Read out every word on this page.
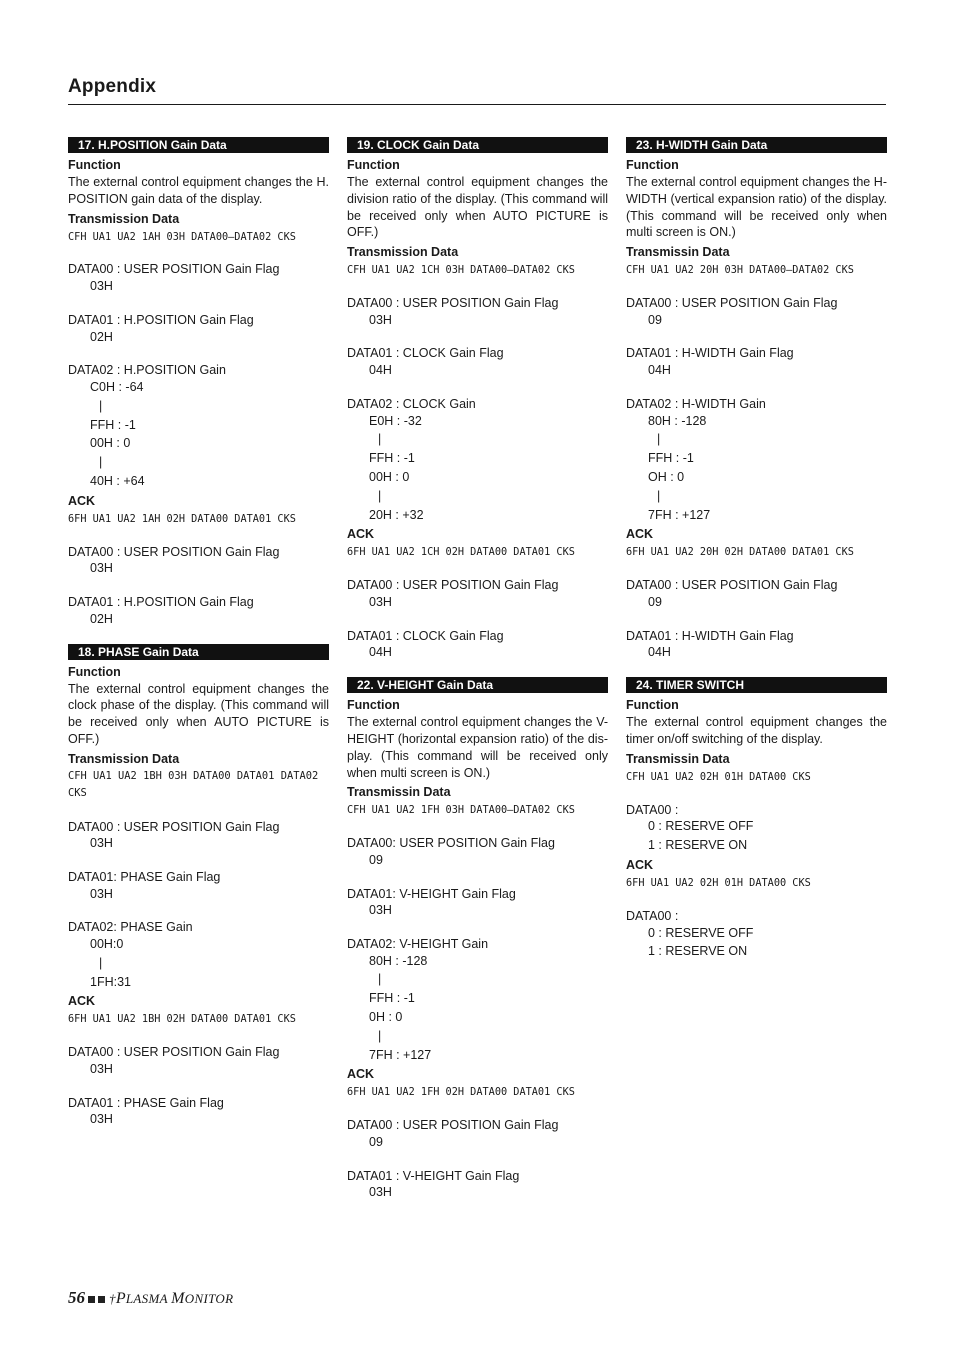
Appendix
17. H.POSITION Gain Data
Function
The external control equipment changes the H. POSITION gain data of the display.
Transmission Data
CFH UA1 UA2 1AH 03H DATA00–DATA02 CKS
DATA00 : USER POSITION Gain Flag
03H
DATA01 : H.POSITION Gain Flag
02H
DATA02 : H.POSITION Gain
C0H : -64
|
FFH : -1
00H : 0
|
40H : +64
ACK
6FH UA1 UA2 1AH 02H DATA00 DATA01 CKS
DATA00 : USER POSITION Gain Flag
03H
DATA01 : H.POSITION Gain Flag
02H
18. PHASE Gain Data
Function
The external control equipment changes the clock phase of the display. (This command will be received only when AUTO PICTURE is OFF.)
Transmission Data
CFH UA1 UA2 1BH 03H DATA00 DATA01 DATA02 CKS
DATA00 : USER POSITION Gain Flag
03H
DATA01: PHASE Gain Flag
03H
DATA02: PHASE Gain
00H:0
|
1FH:31
ACK
6FH UA1 UA2 1BH 02H DATA00 DATA01 CKS
DATA00 : USER POSITION Gain Flag
03H
DATA01 : PHASE Gain Flag
03H
19. CLOCK Gain Data
Function
The external control equipment changes the division ratio of the display. (This command will be received only when AUTO PICTURE is OFF.)
Transmission Data
CFH UA1 UA2 1CH 03H DATA00–DATA02 CKS
DATA00 : USER POSITION Gain Flag
03H
DATA01 : CLOCK Gain Flag
04H
DATA02 : CLOCK Gain
E0H : -32
|
FFH : -1
00H : 0
|
20H : +32
ACK
6FH UA1 UA2 1CH 02H DATA00 DATA01 CKS
DATA00 : USER POSITION Gain Flag
03H
DATA01 : CLOCK Gain Flag
04H
22. V-HEIGHT Gain Data
Function
The external control equipment changes the V-HEIGHT (horizontal expansion ratio) of the dis-play. (This command will be received only when multi screen is ON.)
Transmissin Data
CFH UA1 UA2 1FH 03H DATA00–DATA02 CKS
DATA00: USER POSITION Gain Flag
09
DATA01: V-HEIGHT Gain Flag
03H
DATA02: V-HEIGHT Gain
80H : -128
|
FFH : -1
0H : 0
|
7FH : +127
ACK
6FH UA1 UA2 1FH 02H DATA00 DATA01 CKS
DATA00 : USER POSITION Gain Flag
09
DATA01 : V-HEIGHT Gain Flag
03H
23. H-WIDTH Gain Data
Function
The external control equipment changes the H-WIDTH (vertical expansion ratio) of the display. (This command will be received only when multi screen is ON.)
Transmissin Data
CFH UA1 UA2 20H 03H DATA00–DATA02 CKS
DATA00 : USER POSITION Gain Flag
09
DATA01 : H-WIDTH Gain Flag
04H
DATA02 : H-WIDTH Gain
80H : -128
|
FFH : -1
OH : 0
|
7FH : +127
ACK
6FH UA1 UA2 20H 02H DATA00 DATA01 CKS
DATA00 : USER POSITION Gain Flag
09
DATA01 : H-WIDTH Gain Flag
04H
24. TIMER SWITCH
Function
The external control equipment changes the timer on/off switching of the display.
Transmissin Data
CFH UA1 UA2 02H 01H DATA00 CKS
DATA00 :
0 : RESERVE OFF
1 : RESERVE ON
ACK
6FH UA1 UA2 02H 01H DATA00 CKS
DATA00 :
0 : RESERVE OFF
1 : RESERVE ON
56 †PLASMA MONITOR
